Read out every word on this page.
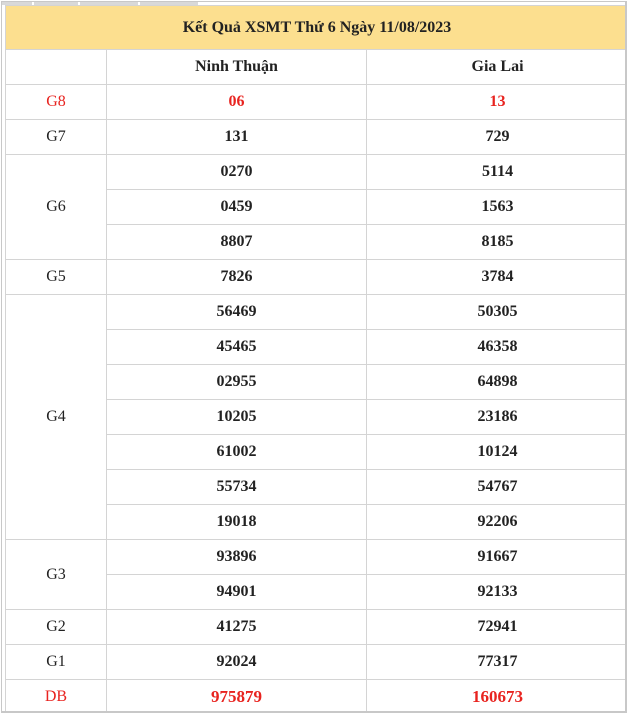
Kết Quả XSMT Thứ 6 Ngày 11/08/2023		
	Ninh Thuận	Gia Lai
G8	06	13
G7	131	729
G6	0270	5114
	0459	1563
	8807	8185
G5	7826	3784
G4	56469	50305
	45465	46358
	02955	64898
	10205	23186
	61002	10124
	55734	54767
	19018	92206
G3	93896	91667
	94901	92133
G2	41275	72941
G1	92024	77317
DB	975879	160673
